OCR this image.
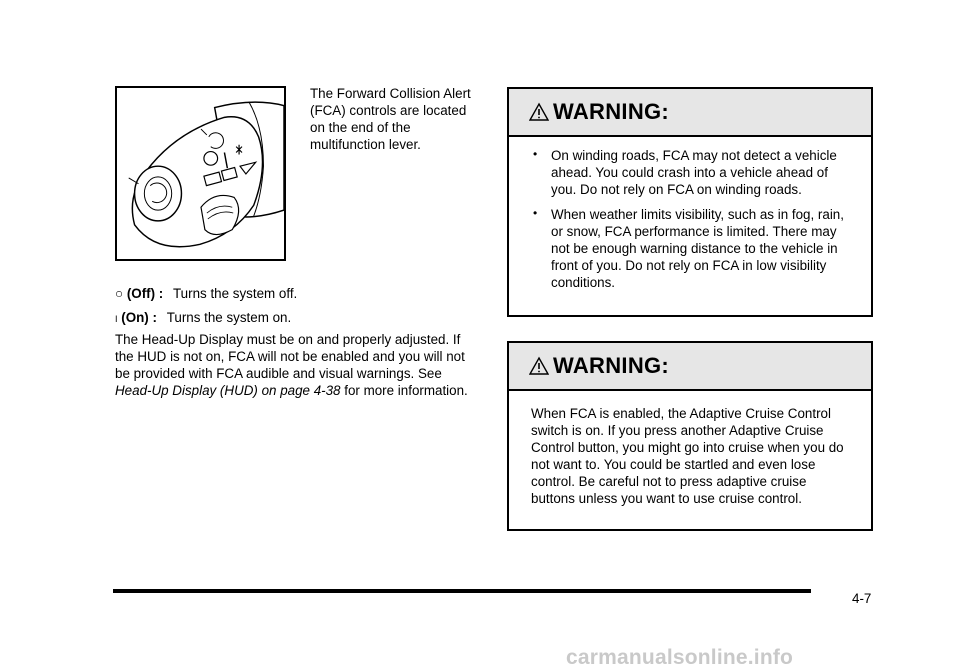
The Forward Collision Alert (FCA) controls are located on the end of the multifunction lever.
○ (Off) : Turns the system off.
I (On) : Turns the system on.
The Head-Up Display must be on and properly adjusted. If the HUD is not on, FCA will not be enabled and you will not be provided with FCA audible and visual warnings. See Head-Up Display (HUD) on page 4-38 for more information.
WARNING:
• On winding roads, FCA may not detect a vehicle ahead. You could crash into a vehicle ahead of you. Do not rely on FCA on winding roads.
• When weather limits visibility, such as in fog, rain, or snow, FCA performance is limited. There may not be enough warning distance to the vehicle in front of you. Do not rely on FCA in low visibility conditions.
WARNING:
When FCA is enabled, the Adaptive Cruise Control switch is on. If you press another Adaptive Cruise Control button, you might go into cruise when you do not want to. You could be startled and even lose control. Be careful not to press adaptive cruise buttons unless you want to use cruise control.
4-7
carmanualsonline.info
